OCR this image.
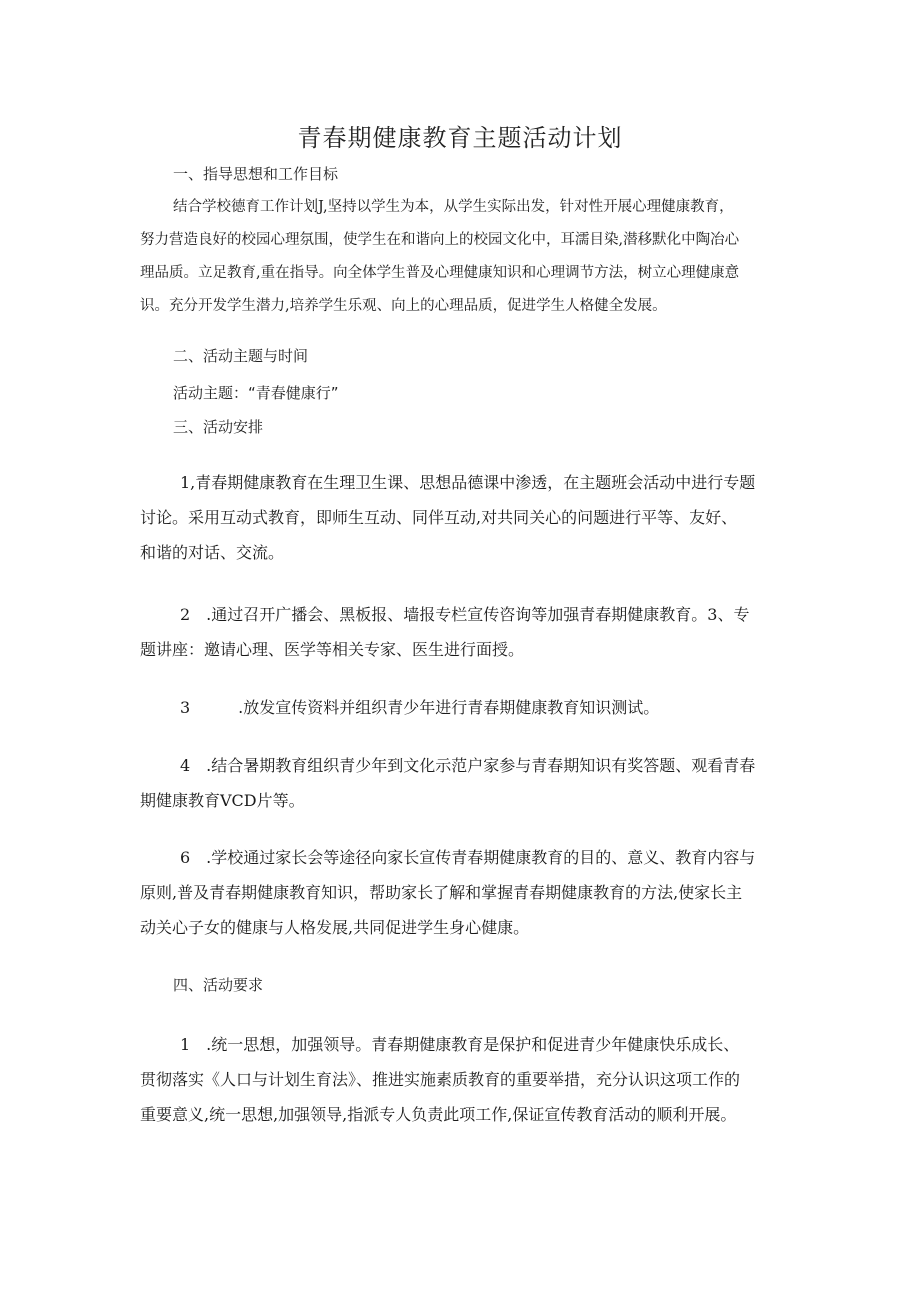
青春期健康教育主题活动计划
一、指导思想和工作目标
结合学校德育工作计划J,坚持以学生为本，从学生实际出发，针对性开展心理健康教育，
努力营造良好的校园心理氛围，使学生在和谐向上的校园文化中，耳濡目染,潜移默化中陶冶心
理品质。立足教育,重在指导。向全体学生普及心理健康知识和心理调节方法，树立心理健康意
识。充分开发学生潜力,培养学生乐观、向上的心理品质，促进学生人格健全发展。
二、活动主题与时间
活动主题：“青春健康行”
三、活动安排
1,青春期健康教育在生理卫生课、思想品德课中渗透，在主题班会活动中进行专题
讨论。采用互动式教育，即师生互动、同伴互动,对共同关心的问题进行平等、友好、
和谐的对话、交流。
2　.通过召开广播会、黑板报、墙报专栏宣传咨询等加强青春期健康教育。3、专
题讲座：邀请心理、医学等相关专家、医生进行面授。
3　　　.放发宣传资料并组织青少年进行青春期健康教育知识测试。
4　.结合暑期教育组织青少年到文化示范户家参与青春期知识有奖答题、观看青春
期健康教育VCD片等。
6　.学校通过家长会等途径向家长宣传青春期健康教育的目的、意义、教育内容与
原则,普及青春期健康教育知识，帮助家长了解和掌握青春期健康教育的方法,使家长主
动关心子女的健康与人格发展,共同促进学生身心健康。
四、活动要求
1　.统一思想，加强领导。青春期健康教育是保护和促进青少年健康快乐成长、
贯彻落实《人口与计划生育法》、推进实施素质教育的重要举措，充分认识这项工作的
重要意义,统一思想,加强领导,指派专人负责此项工作,保证宣传教育活动的顺利开展。
